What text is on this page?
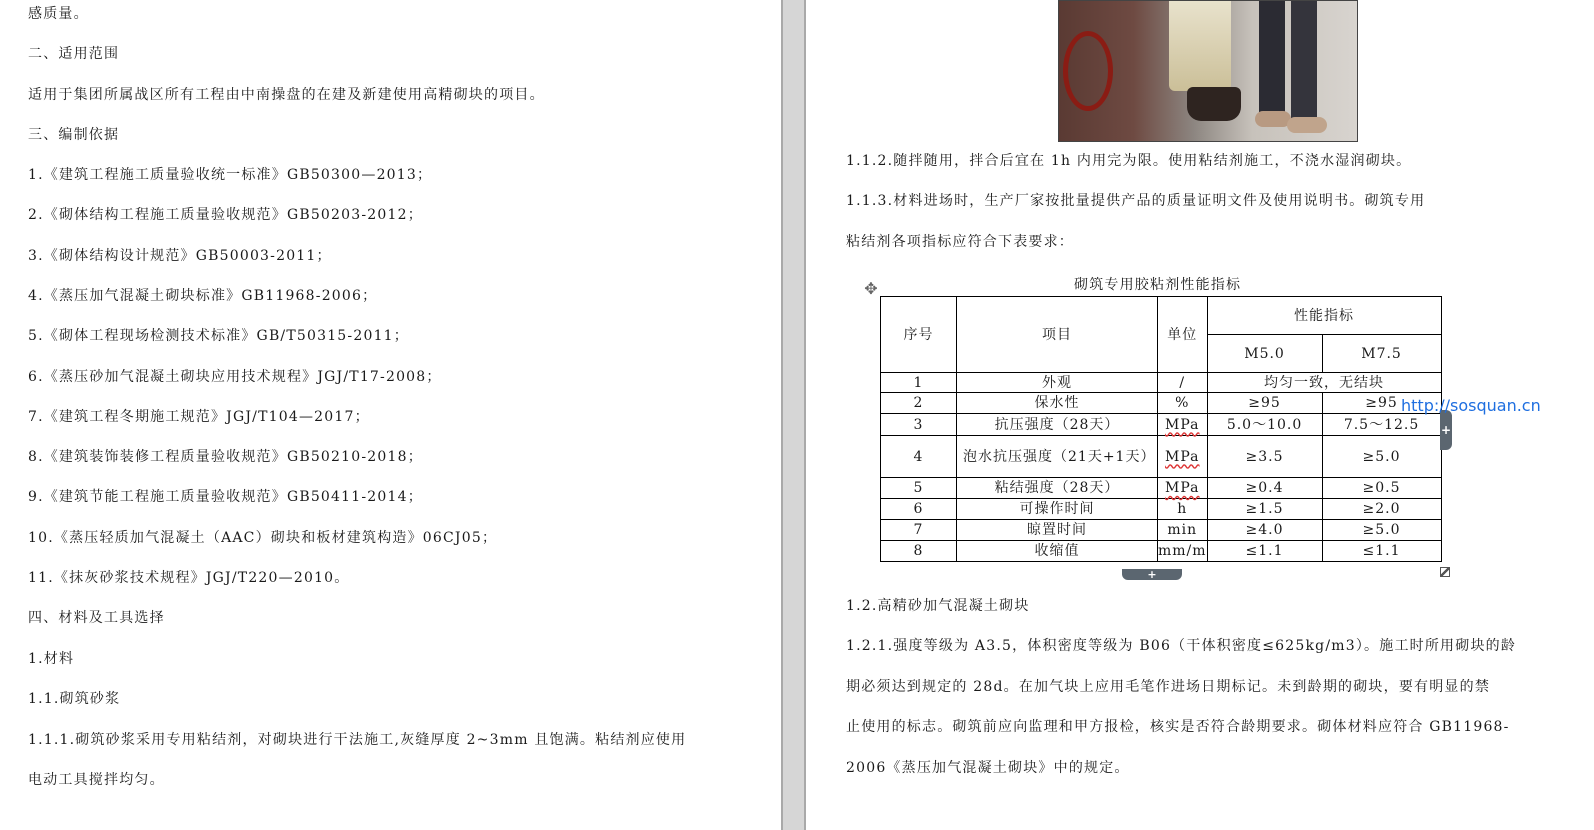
感质量。
二、适用范围
适用于集团所属战区所有工程由中南操盘的在建及新建使用高精砌块的项目。
三、编制依据
1.《建筑工程施工质量验收统一标准》GB50300—2013；
2.《砌体结构工程施工质量验收规范》GB50203-2012；
3.《砌体结构设计规范》GB50003-2011；
4.《蒸压加气混凝土砌块标准》GB11968-2006；
5.《砌体工程现场检测技术标准》GB/T50315-2011；
6.《蒸压砂加气混凝土砌块应用技术规程》JGJ/T17-2008；
7.《建筑工程冬期施工规范》JGJ/T104—2017；
8.《建筑装饰装修工程质量验收规范》GB50210-2018；
9.《建筑节能工程施工质量验收规范》GB50411-2014；
10.《蒸压轻质加气混凝土（AAC）砌块和板材建筑构造》06CJ05；
11.《抹灰砂浆技术规程》JGJ/T220—2010。
四、材料及工具选择
1.材料
1.1.砌筑砂浆
1.1.1.砌筑砂浆采用专用粘结剂，对砌块进行干法施工,灰缝厚度 2~3mm 且饱满。粘结剂应使用
电动工具搅拌均匀。
1.1.2.随拌随用，拌合后宜在 1h 内用完为限。使用粘结剂施工，不浇水湿润砌块。
1.1.3.材料进场时，生产厂家按批量提供产品的质量证明文件及使用说明书。砌筑专用
粘结剂各项指标应符合下表要求：
砌筑专用胶粘剂性能指标
✥
序号	项目	单位	性能指标	
			M5.0	M7.5
1	外观	/	均匀一致，无结块	
2	保水性	%	≥95	≥95
3	抗压强度（28天）	MPa	5.0～10.0	7.5～12.5
4	泡水抗压强度（21天+1天）	MPa	≥3.5	≥5.0
5	粘结强度（28天）	MPa	≥0.4	≥0.5
6	可操作时间	h	≥1.5	≥2.0
7	晾置时间	min	≥4.0	≥5.0
8	收缩值	mm/m	≤1.1	≤1.1
+
+
1.2.高精砂加气混凝土砌块
1.2.1.强度等级为 A3.5，体积密度等级为 B06（干体积密度≤625kg/m3）。施工时所用砌块的龄
期必须达到规定的 28d。在加气块上应用毛笔作进场日期标记。未到龄期的砌块，要有明显的禁
止使用的标志。砌筑前应向监理和甲方报检，核实是否符合龄期要求。砌体材料应符合 GB11968-
2006《蒸压加气混凝土砌块》中的规定。
http://sosquan.cn
